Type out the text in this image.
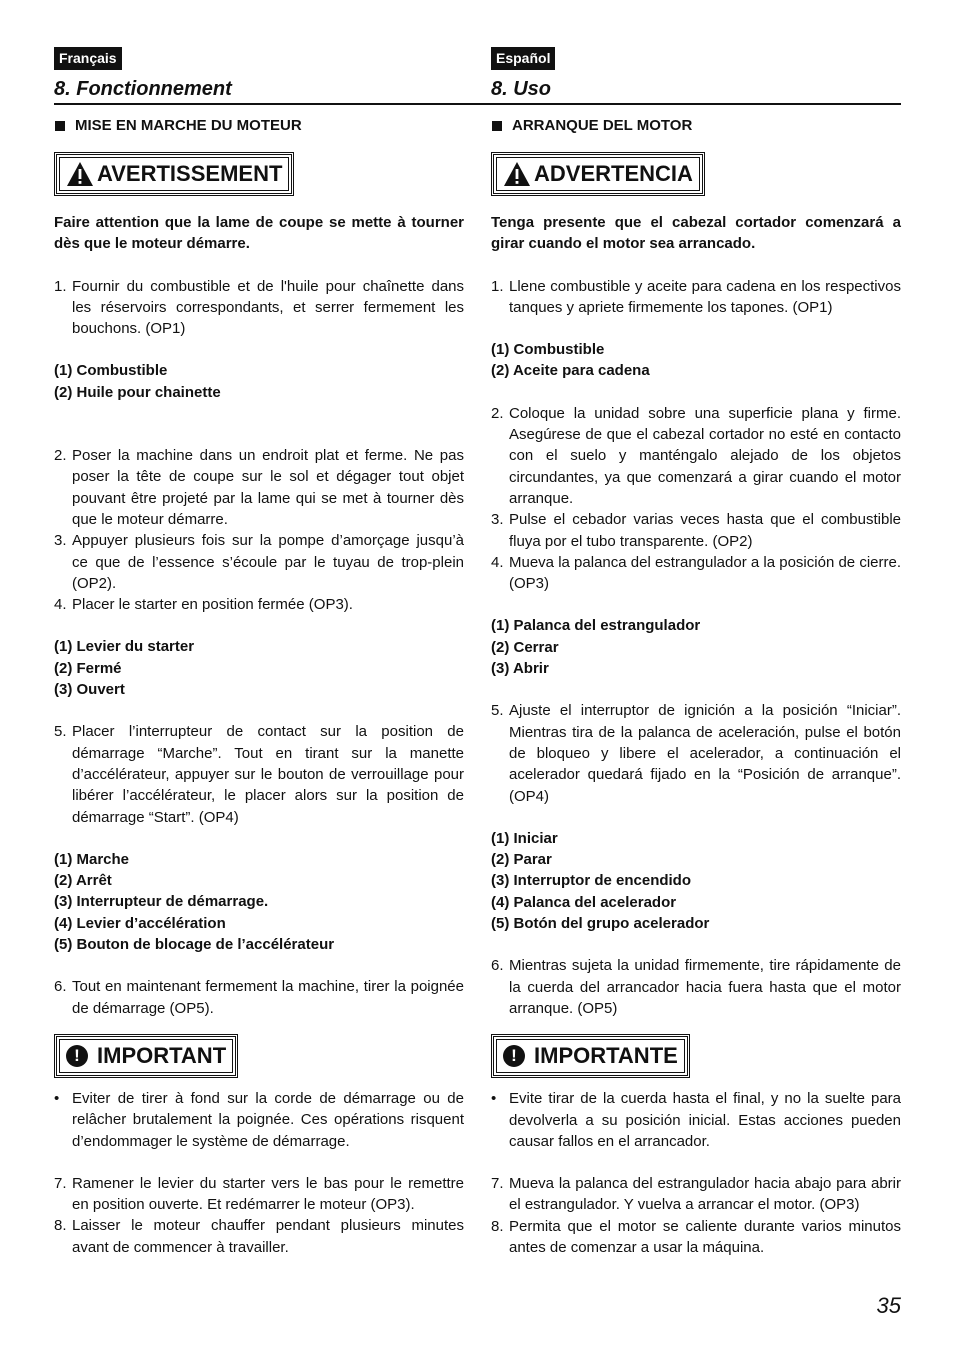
Français
8. Fonctionnement
MISE EN MARCHE DU MOTEUR
AVERTISSEMENT
Faire attention que la lame de coupe se mette à tourner dès que le moteur démarre.
1. Fournir du combustible et de l'huile pour chaînette dans les réservoirs correspondants, et serrer fermement les bouchons. (OP1)
(1) Combustible
(2) Huile pour chainette
2. Poser la machine dans un endroit plat et ferme. Ne pas poser la tête de coupe sur le sol et dégager tout objet pouvant être projeté par la lame qui se met à tourner dès que le moteur démarre.
3. Appuyer plusieurs fois sur la pompe d’amorçage jusqu’à ce que de l’essence s’écoule par le tuyau de trop-plein (OP2).
4. Placer le starter en position fermée (OP3).
(1) Levier du starter
(2) Fermé
(3) Ouvert
5. Placer l’interrupteur de contact sur la position de démarrage “Marche”. Tout en tirant sur la manette d’accélérateur, appuyer sur le bouton de verrouillage pour libérer l’accélérateur, le placer alors sur la position de démarrage “Start”. (OP4)
(1) Marche
(2) Arrêt
(3) Interrupteur de démarrage.
(4) Levier d’accélération
(5) Bouton de blocage de l’accélérateur
6. Tout en maintenant fermement la machine, tirer la poignée de démarrage (OP5).
! IMPORTANT
• Eviter de tirer à fond sur la corde de démarrage ou de relâcher brutalement la poignée. Ces opérations risquent d’endommager le système de démarrage.
7. Ramener le levier du starter vers le bas pour le remettre en position ouverte. Et redémarrer le moteur (OP3).
8. Laisser le moteur chauffer pendant plusieurs minutes avant de commencer à travailler.
Español
8. Uso
ARRANQUE DEL MOTOR
ADVERTENCIA
Tenga presente que el cabezal cortador comenzará a girar cuando el motor sea arrancado.
1. Llene combustible y aceite para cadena en los respectivos tanques y apriete firmemente los tapones. (OP1)
(1) Combustible
(2) Aceite para cadena
2. Coloque la unidad sobre una superficie plana y firme. Asegúrese de que el cabezal cortador no esté en contacto con el suelo y manténgalo alejado de los objetos circundantes, ya que comenzará a girar cuando el motor arranque.
3. Pulse el cebador varias veces hasta que el combustible fluya por el tubo transparente. (OP2)
4. Mueva la palanca del estrangulador a la posición de cierre. (OP3)
(1) Palanca del estrangulador
(2) Cerrar
(3) Abrir
5. Ajuste el interruptor de ignición a la posición “Iniciar”. Mientras tira de la palanca de aceleración, pulse el botón de bloqueo y libere el acelerador, a continuación el acelerador quedará fijado en la “Posición de arranque”. (OP4)
(1) Iniciar
(2) Parar
(3) Interruptor de encendido
(4) Palanca del acelerador
(5) Botón del grupo acelerador
6. Mientras sujeta la unidad firmemente, tire rápidamente de la cuerda del arrancador hacia fuera hasta que el motor arranque. (OP5)
! IMPORTANTE
• Evite tirar de la cuerda hasta el final, y no la suelte para devolverla a su posición inicial. Estas acciones pueden causar fallos en el arrancador.
7. Mueva la palanca del estrangulador hacia abajo para abrir el estrangulador. Y vuelva a arrancar el motor. (OP3)
8. Permita que el motor se caliente durante varios minutos antes de comenzar a usar la máquina.
35
